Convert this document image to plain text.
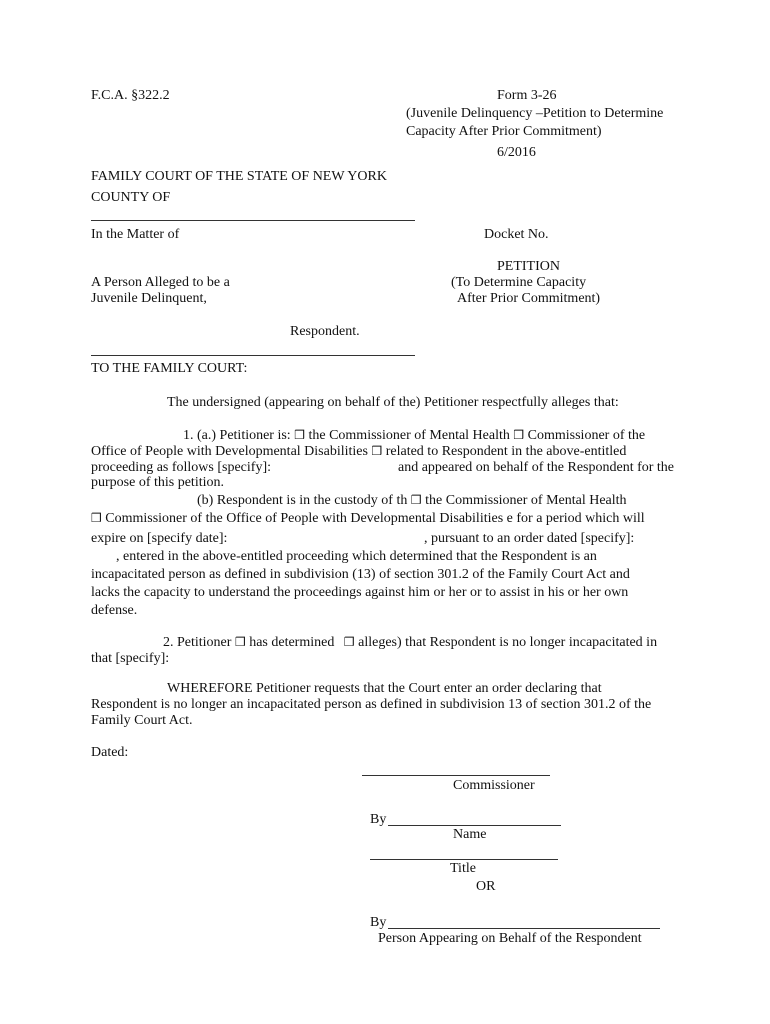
F.C.A. §322.2	Form 3-26
(Juvenile Delinquency –Petition to Determine
Capacity After Prior Commitment)
6/2016
FAMILY COURT OF THE STATE OF NEW YORK
COUNTY OF
In the Matter of	Docket No.
PETITION
(To Determine Capacity
After Prior Commitment)
A Person Alleged to be a
Juvenile Delinquent,
Respondent.
TO THE FAMILY COURT:
The undersigned (appearing on behalf of the) Petitioner respectfully alleges that:
1. (a.) Petitioner is: ❒ the Commissioner of Mental Health ❒ Commissioner of the
Office of People with Developmental Disabilities ❒ related to Respondent in the above-entitled
proceeding as follows [specify]:	and appeared on behalf of the Respondent for the
purpose of this petition.
(b) Respondent is in the custody of th ❒ the Commissioner of Mental Health
❒ Commissioner of the Office of People with Developmental Disabilities e for a period which will
expire on [specify date]:	, pursuant to an order dated [specify]:
, entered in the above-entitled proceeding which determined that the Respondent is an
incapacitated person as defined in subdivision (13) of section 301.2 of the Family Court Act and
lacks the capacity to understand the proceedings against him or her or to assist in his or her own
defense.
2. Petitioner ❒ has determined ❒ alleges) that Respondent is no longer incapacitated in
that [specify]:
WHEREFORE Petitioner requests that the Court enter an order declaring that
Respondent is no longer an incapacitated person as defined in subdivision 13 of section 301.2 of the
Family Court Act.
Dated:
Commissioner
By
Name
Title
OR
By
Person Appearing on Behalf of the Respondent
